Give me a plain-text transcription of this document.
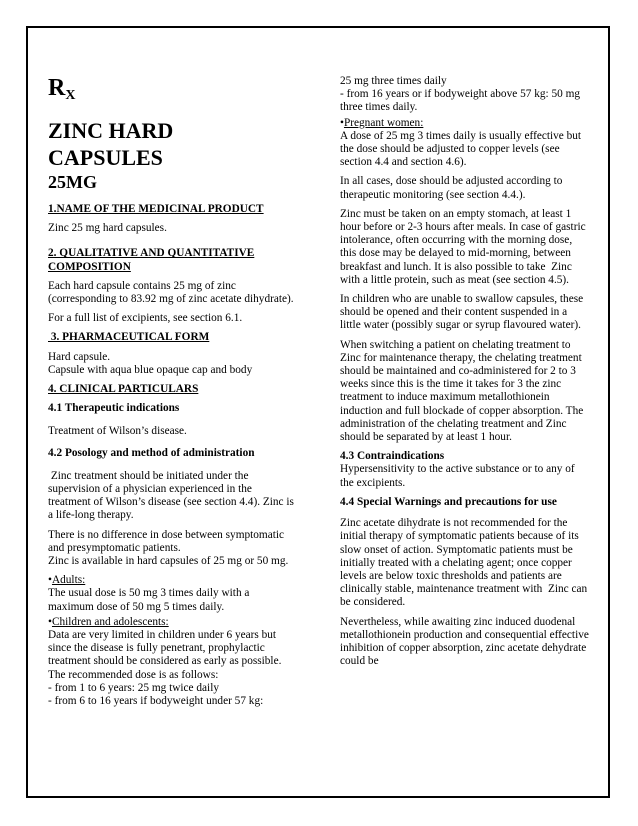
$R_X$

ZINC HARD
CAPSULES

25MG

1.NAME OF THE MEDICINAL PRODUCT

Zinc 25 mg hard capsules.

2. QUALITATIVE AND QUANTITATIVE
COMPOSITION

Each hard capsule contains 25 mg of zinc (corresponding to 83.92 mg of zinc acetate dihydrate).

For a full list of excipients, see section 6.1.

3. PHARMACEUTICAL FORM

Hard capsule.
Capsule with aqua blue opaque cap and body

4. CLINICAL PARTICULARS

4.1 Therapeutic indications

Treatment of Wilson’s disease.

4.2 Posology and method of administration

Zinc treatment should be initiated under the supervision of a physician experienced in the treatment of Wilson’s disease (see section 4.4). Zinc is a life-long therapy.

There is no difference in dose between symptomatic and presymptomatic patients.
Zinc is available in hard capsules of 25 mg or 50 mg.

• Adults:
The usual dose is 50 mg 3 times daily with a maximum dose of 50 mg 5 times daily.

• Children and adolescents:
Data are very limited in children under 6 years but since the disease is fully penetrant, prophylactic treatment should be considered as early as possible. The recommended dose is as follows:
- from 1 to 6 years: 25 mg twice daily
- from 6 to 16 years if bodyweight under 57 kg:

25 mg three times daily
- from 16 years or if bodyweight above 57 kg: 50 mg three times daily.

• Pregnant women:
A dose of 25 mg 3 times daily is usually effective but the dose should be adjusted to copper levels (see section 4.4 and section 4.6).

In all cases, dose should be adjusted according to therapeutic monitoring (see section 4.4.).

Zinc must be taken on an empty stomach, at least 1 hour before or 2-3 hours after meals. In case of gastric intolerance, often occurring with the morning dose, this dose may be delayed to mid-morning, between breakfast and lunch. It is also possible to take  Zinc with a little protein, such as meat (see section 4.5).

In children who are unable to swallow capsules, these should be opened and their content suspended in a little water (possibly sugar or syrup flavoured water).

When switching a patient on chelating treatment to  Zinc for maintenance therapy, the chelating treatment should be maintained and co-administered for 2 to 3 weeks since this is the time it takes for 3 the zinc treatment to induce maximum metallothionein induction and full blockade of copper absorption. The administration of the chelating treatment and Zinc should be separated by at least 1 hour.

4.3 Contraindications
Hypersensitivity to the active substance or to any of the excipients.

4.4 Special Warnings and precautions for use

Zinc acetate dihydrate is not recommended for the initial therapy of symptomatic patients because of its slow onset of action. Symptomatic patients must be initially treated with a chelating agent; once copper levels are below toxic thresholds and patients are clinically stable, maintenance treatment with  Zinc can be considered.

Nevertheless, while awaiting zinc induced duodenal metallothionein production and consequential effective inhibition of copper absorption, zinc acetate dehydrate could be
